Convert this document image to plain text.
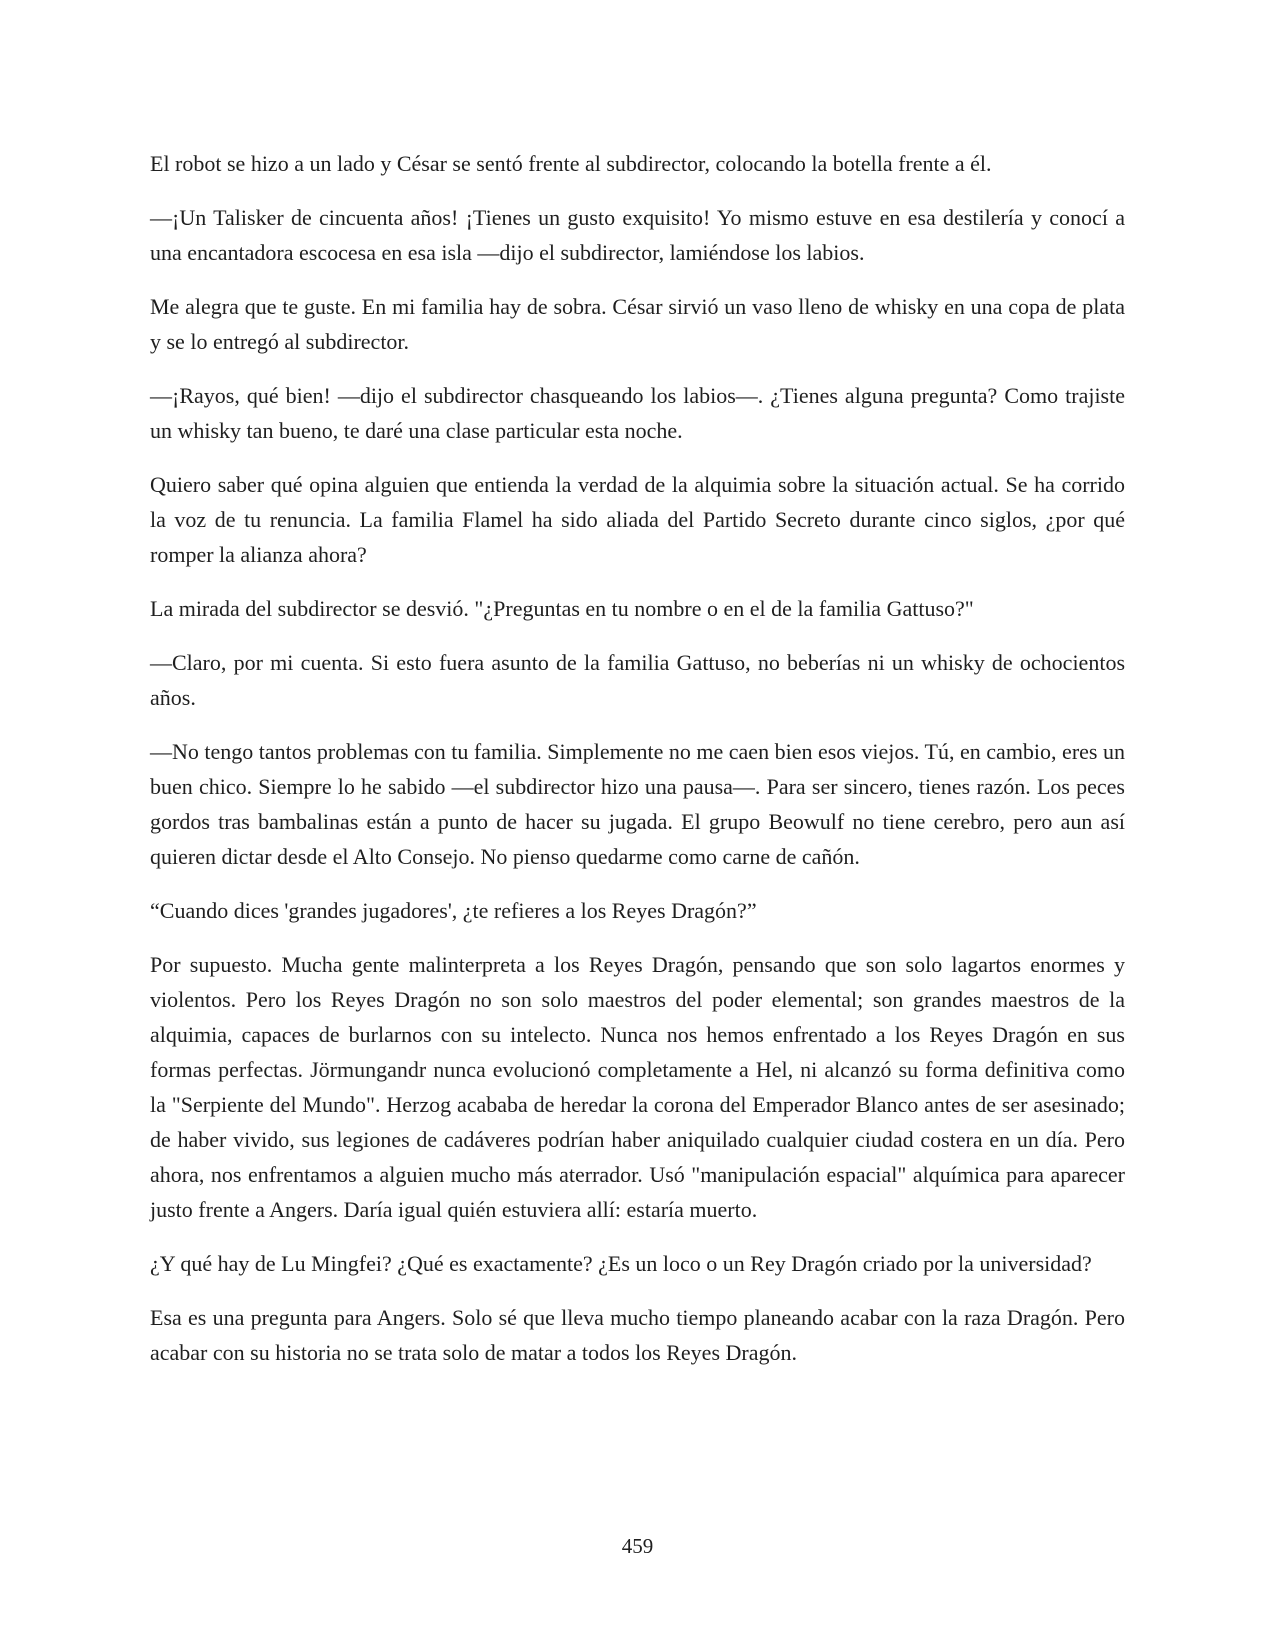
El robot se hizo a un lado y César se sentó frente al subdirector, colocando la botella frente a él.

—¡Un Talisker de cincuenta años! ¡Tienes un gusto exquisito! Yo mismo estuve en esa destilería y conocí a una encantadora escocesa en esa isla —dijo el subdirector, lamiéndose los labios.

Me alegra que te guste. En mi familia hay de sobra. César sirvió un vaso lleno de whisky en una copa de plata y se lo entregó al subdirector.

—¡Rayos, qué bien! —dijo el subdirector chasqueando los labios—. ¿Tienes alguna pregunta? Como trajiste un whisky tan bueno, te daré una clase particular esta noche.

Quiero saber qué opina alguien que entienda la verdad de la alquimia sobre la situación actual. Se ha corrido la voz de tu renuncia. La familia Flamel ha sido aliada del Partido Secreto durante cinco siglos, ¿por qué romper la alianza ahora?

La mirada del subdirector se desvió. "¿Preguntas en tu nombre o en el de la familia Gattuso?"

—Claro, por mi cuenta. Si esto fuera asunto de la familia Gattuso, no beberías ni un whisky de ochocientos años.

—No tengo tantos problemas con tu familia. Simplemente no me caen bien esos viejos. Tú, en cambio, eres un buen chico. Siempre lo he sabido —el subdirector hizo una pausa—. Para ser sincero, tienes razón. Los peces gordos tras bambalinas están a punto de hacer su jugada. El grupo Beowulf no tiene cerebro, pero aun así quieren dictar desde el Alto Consejo. No pienso quedarme como carne de cañón.

“Cuando dices 'grandes jugadores', ¿te refieres a los Reyes Dragón?”

Por supuesto. Mucha gente malinterpreta a los Reyes Dragón, pensando que son solo lagartos enormes y violentos. Pero los Reyes Dragón no son solo maestros del poder elemental; son grandes maestros de la alquimia, capaces de burlarnos con su intelecto. Nunca nos hemos enfrentado a los Reyes Dragón en sus formas perfectas. Jörmungandr nunca evolucionó completamente a Hel, ni alcanzó su forma definitiva como la "Serpiente del Mundo". Herzog acababa de heredar la corona del Emperador Blanco antes de ser asesinado; de haber vivido, sus legiones de cadáveres podrían haber aniquilado cualquier ciudad costera en un día. Pero ahora, nos enfrentamos a alguien mucho más aterrador. Usó "manipulación espacial" alquímica para aparecer justo frente a Angers. Daría igual quién estuviera allí: estaría muerto.

¿Y qué hay de Lu Mingfei? ¿Qué es exactamente? ¿Es un loco o un Rey Dragón criado por la universidad?

Esa es una pregunta para Angers. Solo sé que lleva mucho tiempo planeando acabar con la raza Dragón. Pero acabar con su historia no se trata solo de matar a todos los Reyes Dragón.

459
